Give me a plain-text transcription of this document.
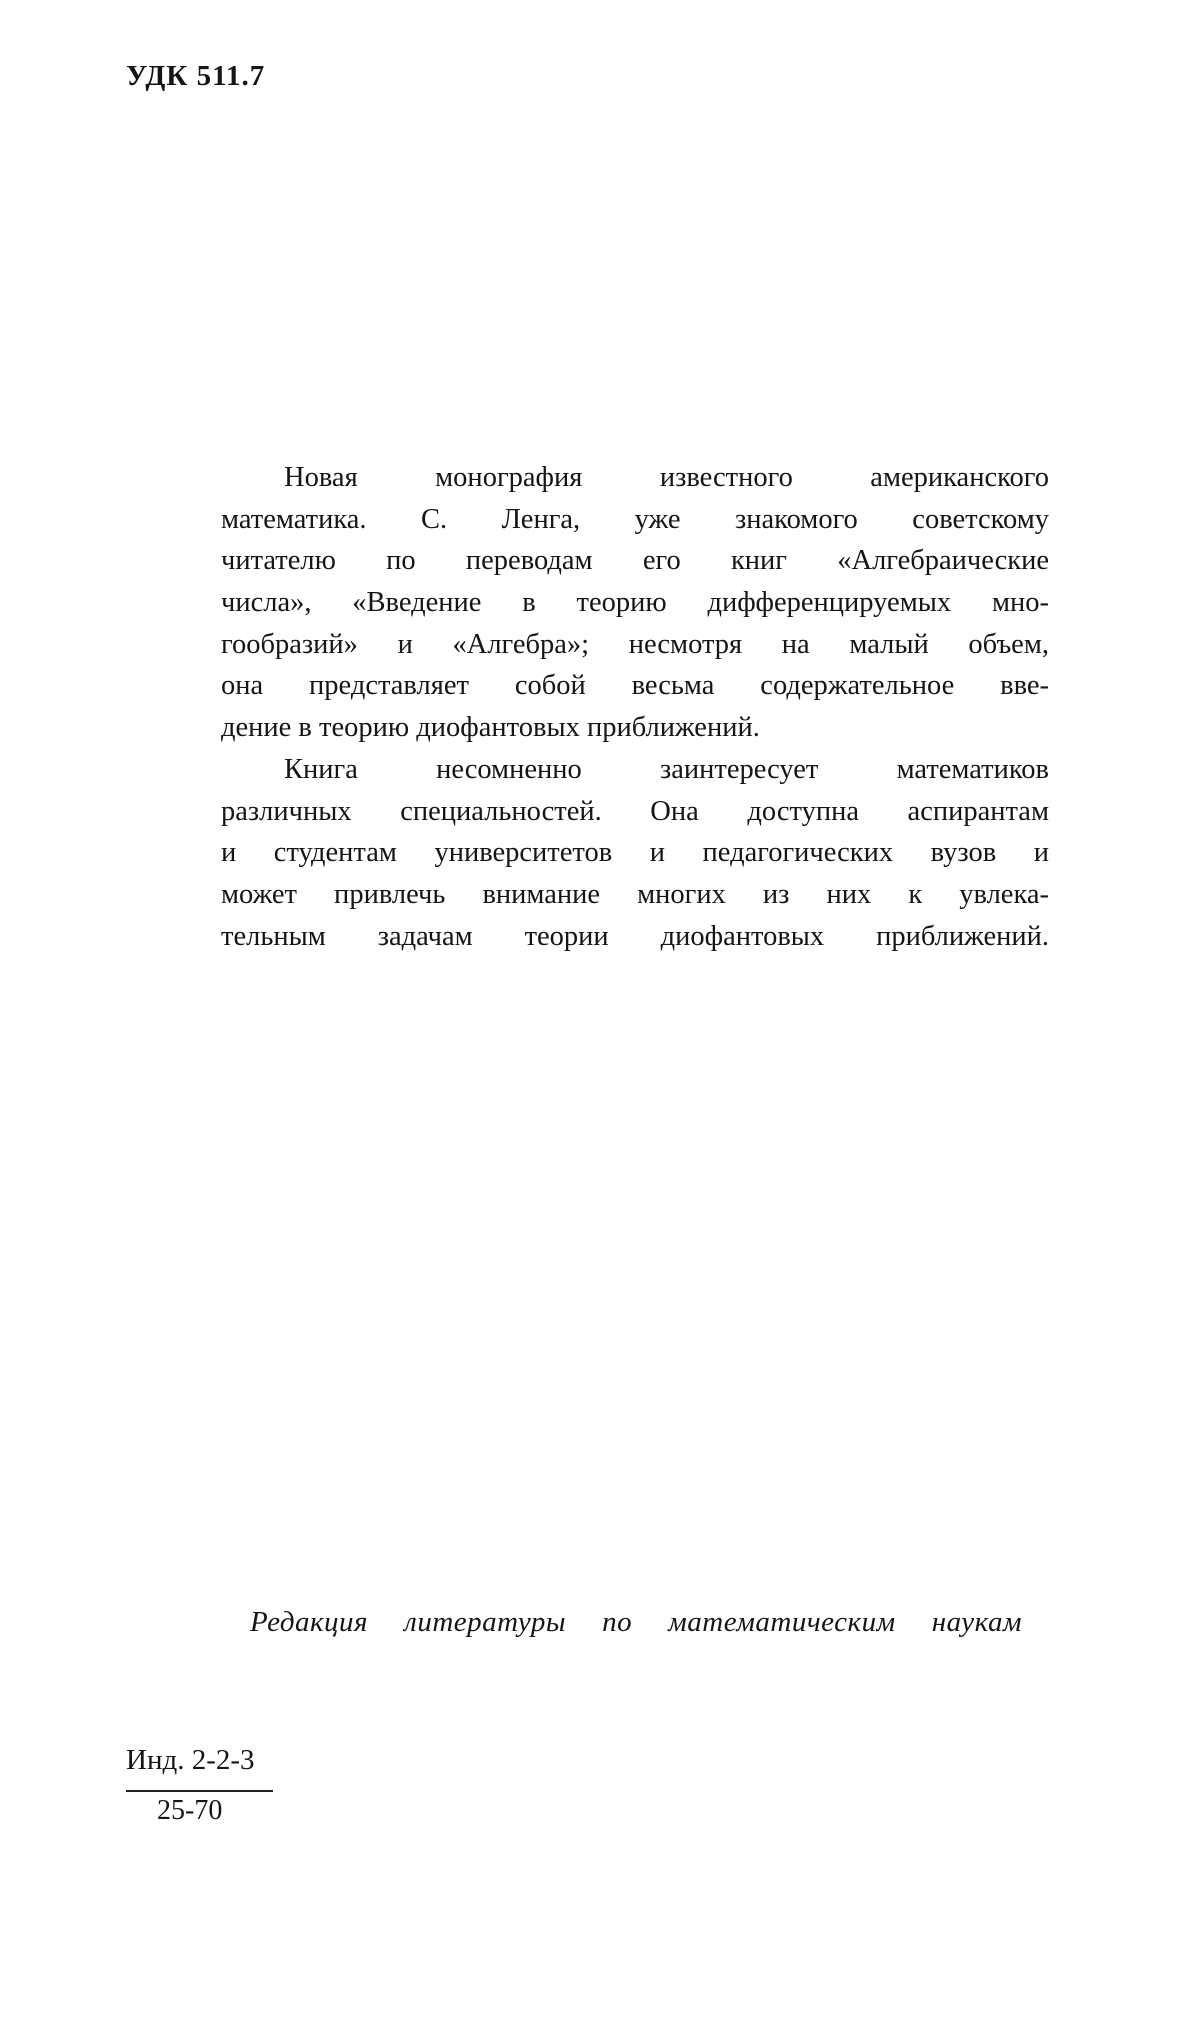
УДК 511.7
Новая монография известного американского
математика. С. Ленга, уже знакомого советскому
читателю по переводам его книг «Алгебраические
числа», «Введение в теорию дифференцируемых мно-
гообразий» и «Алгебра»; несмотря на малый объем,
она представляет собой весьма содержательное вве-
дение в теорию диофантовых приближений.
Книга несомненно заинтересует математиков
различных специальностей. Она доступна аспирантам
и студентам университетов и педагогических вузов и
может привлечь внимание многих из них к увлека-
тельным задачам теории диофантовых приближений.
Редакция литературы по математическим наукам
Инд. 2-2-3
25-70
